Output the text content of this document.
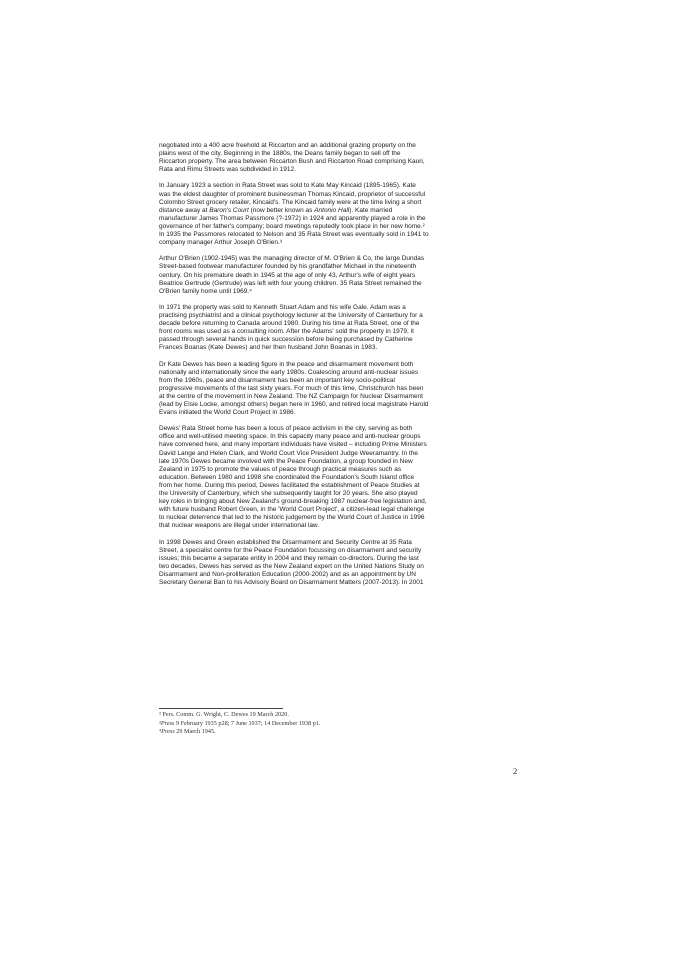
negotiated into a 400 acre freehold at Riccarton and an additional grazing property on the
plains west of the city. Beginning in the 1880s, the Deans family began to sell off the
Riccarton property. The area between Riccarton Bush and Riccarton Road comprising Kauri,
Rata and Rimu Streets was subdivided in 1912.

In January 1923 a section in Rata Street was sold to Kate May Kincaid (1895-1965). Kate
was the eldest daughter of prominent businessman Thomas Kincaid, proprietor of successful
Colombo Street grocery retailer, Kincaid's. The Kincaid family were at the time living a short
distance away at Baron's Court (now better known as Antonio Hall). Kate married
manufacturer James Thomas Passmore (?-1972) in 1924 and apparently played a role in the
governance of her father's company; board meetings reputedly took place in her new home.²
In 1935 the Passmores relocated to Nelson and 35 Rata Street was eventually sold in 1941 to
company manager Arthur Joseph O'Brien.³

Arthur O'Brien (1902-1945) was the managing director of M. O'Brien & Co, the large Dundas
Street-based footwear manufacturer founded by his grandfather Michael in the nineteenth
century. On his premature death in 1945 at the age of only 43, Arthur's wife of eight years
Beatrice Gertrude (Gertrude) was left with four young children. 35 Rata Street remained the
O'Brien family home until 1969.⁴

In 1971 the property was sold to Kenneth Stuart Adam and his wife Gale. Adam was a
practising psychiatrist and a clinical psychology lecturer at the University of Canterbury for a
decade before returning to Canada around 1980. During his time at Rata Street, one of the
front rooms was used as a consulting room. After the Adams' sold the property in 1979, it
passed through several hands in quick succession before being purchased by Catherine
Frances Boanas (Kate Dewes) and her then husband John Boanas in 1983.

Dr Kate Dewes has been a leading figure in the peace and disarmament movement both
nationally and internationally since the early 1980s. Coalescing around anti-nuclear issues
from the 1960s, peace and disarmament has been an important key socio-political
progressive movements of the last sixty years. For much of this time, Christchurch has been
at the centre of the movement in New Zealand. The NZ Campaign for Nuclear Disarmament
(lead by Elsie Locke, amongst others) began here in 1960, and retired local magistrate Harold
Evans initiated the World Court Project in 1986.

Dewes' Rata Street home has been a locus of peace activism in the city, serving as both
office and well-utilised meeting space. In this capacity many peace and anti-nuclear groups
have convened here, and many important individuals have visited – including Prime Ministers
David Lange and Helen Clark, and World Court Vice President Judge Weeramantry. In the
late 1970s Dewes became involved with the Peace Foundation, a group founded in New
Zealand in 1975 to promote the values of peace through practical measures such as
education. Between 1980 and 1998 she coordinated the Foundation's South Island office
from her home. During this period, Dewes facilitated the establishment of Peace Studies at
the University of Canterbury, which she subsequently taught for 20 years. She also played
key roles in bringing about New Zealand's ground-breaking 1987 nuclear-free legislation and,
with future husband Robert Green, in the 'World Court Project', a citizen-lead legal challenge
to nuclear deterrence that led to the historic judgement by the World Court of Justice in 1996
that nuclear weapons are illegal under international law.

In 1998 Dewes and Green established the Disarmament and Security Centre at 35 Rata
Street, a specialist centre for the Peace Foundation focussing on disarmament and security
issues; this became a separate entity in 2004 and they remain co-directors. During the last
two decades, Dewes has served as the New Zealand expert on the United Nations Study on
Disarmament and Non-proliferation Education (2000-2002) and as an appointment by UN
Secretary General Ban to his Advisory Board on Disarmament Matters (2007-2013). In 2001

² Pers. Comm. G. Wright, C. Dewes 19 March 2020.
³Press 9 February 1935 p28; 7 June 1937; 14 December 1938 p1.
⁴Press 29 March 1945.
2
